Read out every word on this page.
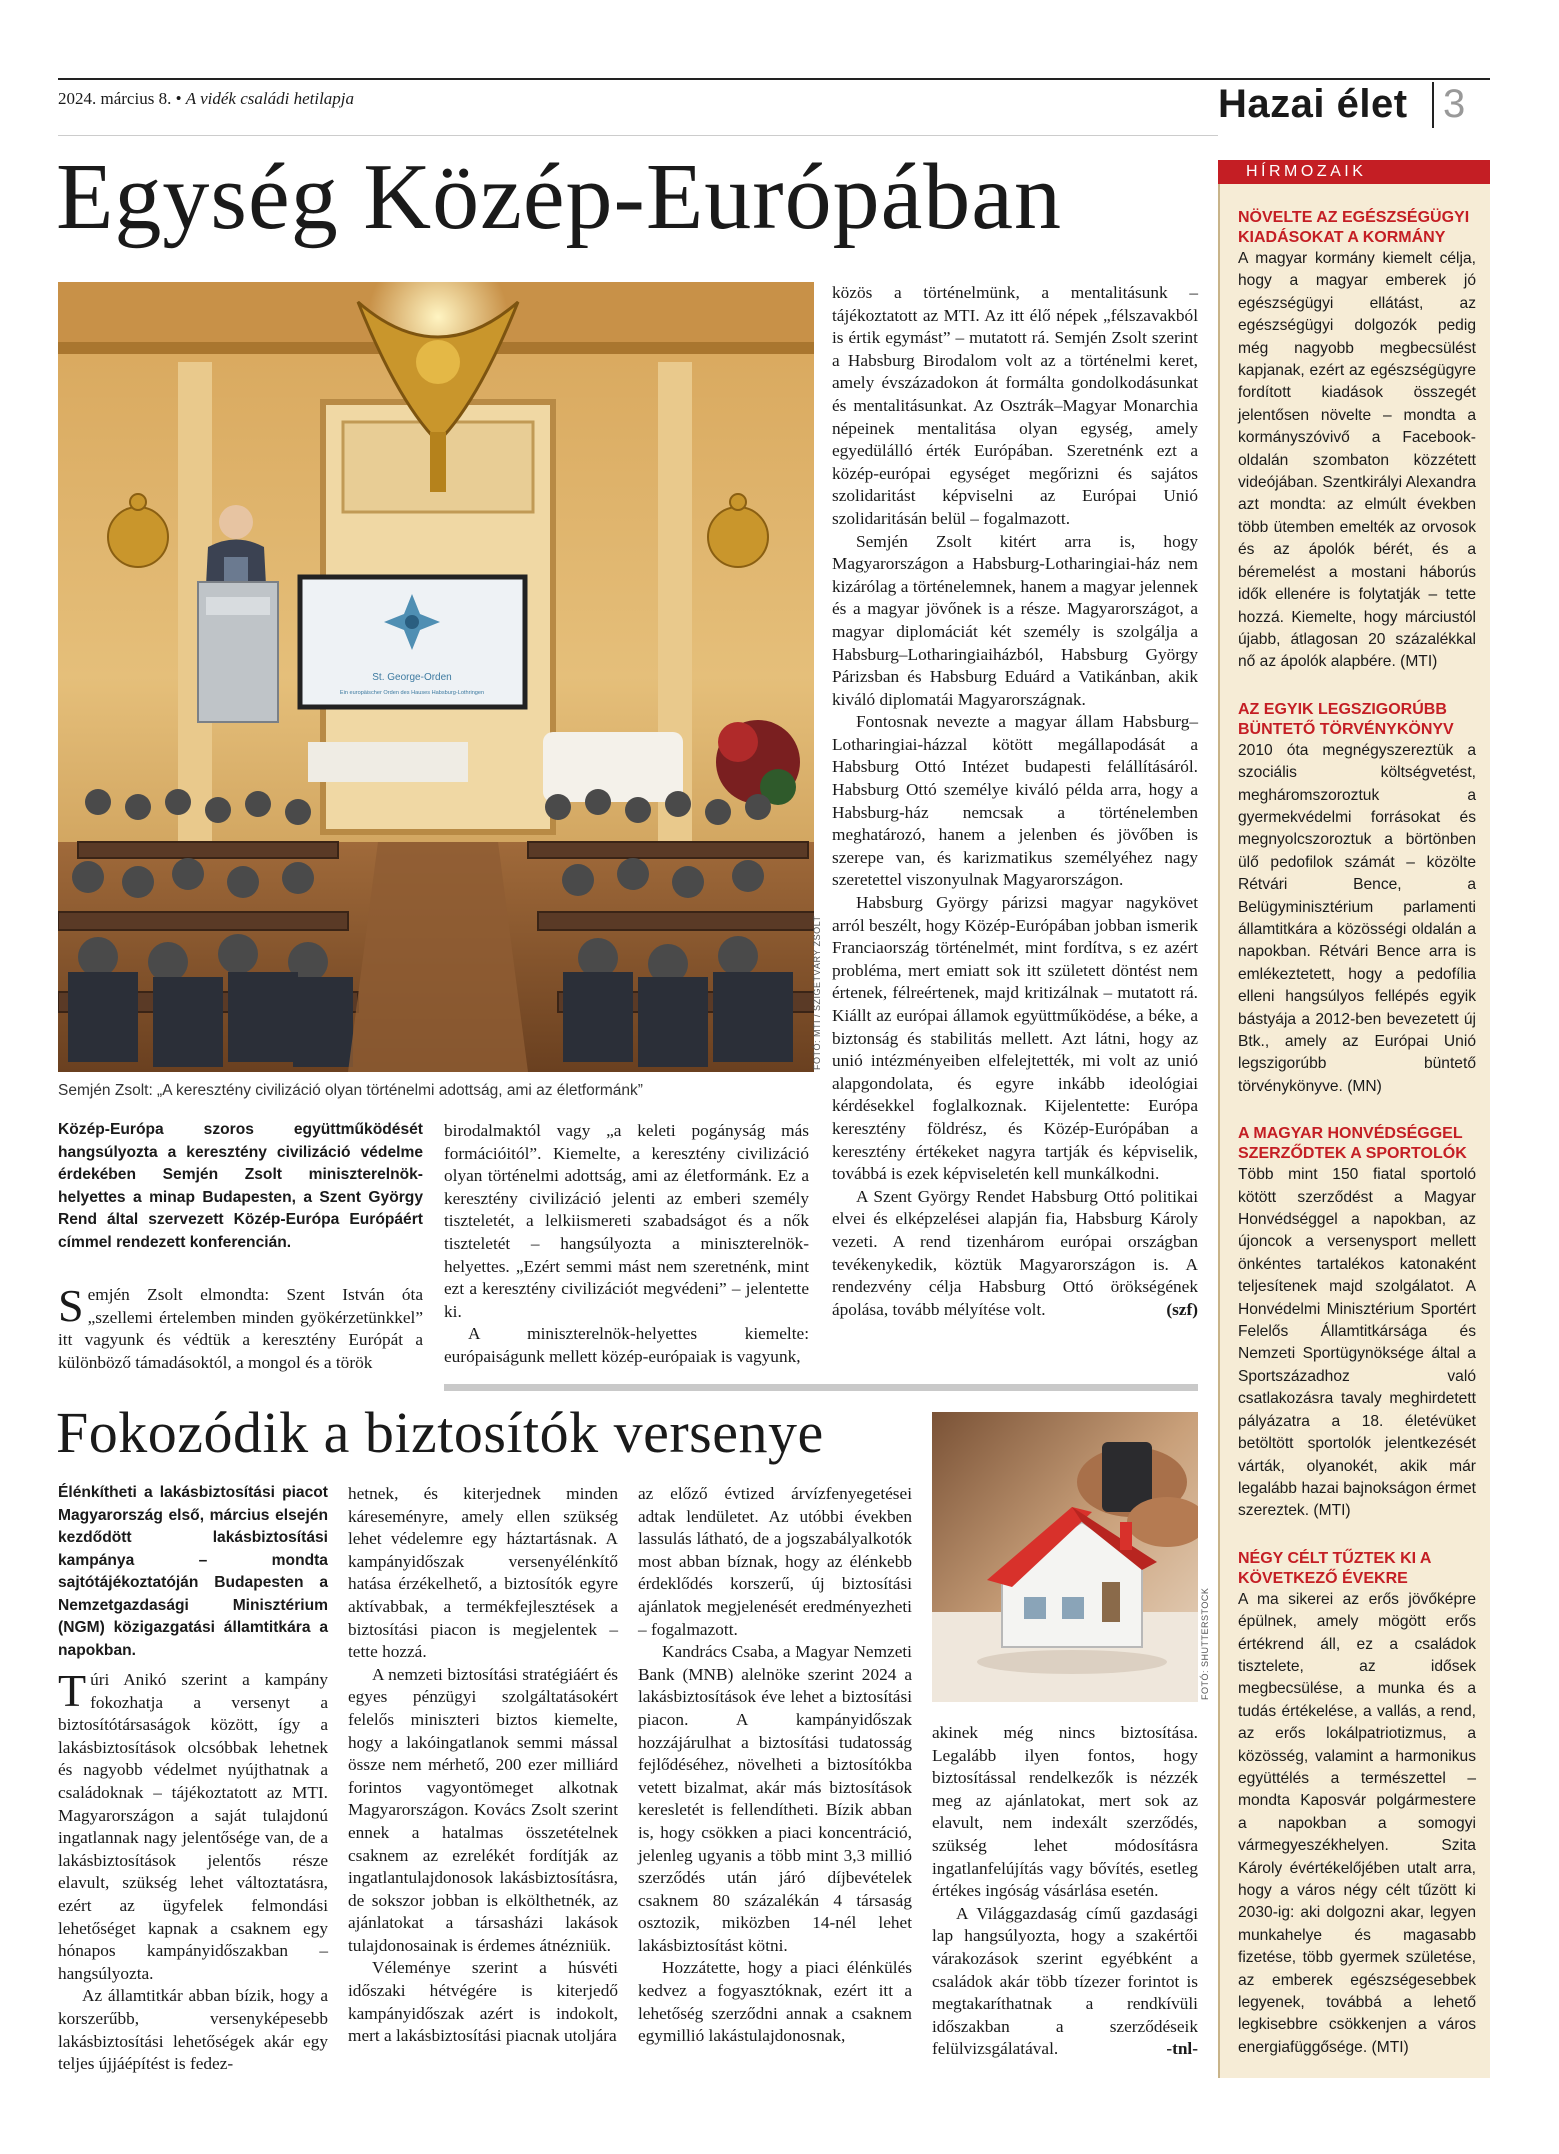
2024. március 8. • A vidék családi hetilapja	Hazai élet 3
Egység Közép-Európában
St. George-Orden
Ein europäischer Orden des Hauses Habsburg-Lothringen
FOTÓ: MTI / SZIGETVÁRY ZSOLT
Semjén Zsolt: „A keresztény civilizáció olyan történelmi adottság, ami az életformánk”
Közép-Európa szoros együttműködését hangsúlyozta a keresztény civilizáció védelme érdekében Semjén Zsolt miniszterelnök-helyettes a minap Budapesten, a Szent György Rend által szervezett Közép-Európa Európáért címmel rendezett konferencián.

Semjén Zsolt elmondta: Szent István óta „szellemi értelemben minden gyökérzetünkkel” itt vagyunk és védtük a keresztény Európát a különböző támadásoktól, a mongol és a török

birodalmaktól vagy „a keleti pogányság más formációitól”. Kiemelte, a keresztény civilizáció olyan történelmi adottság, ami az életformánk. Ez a keresztény civilizáció jelenti az emberi személy tiszteletét, a lelkiismereti szabadságot és a nők tiszteletét – hangsúlyozta a miniszterelnök-helyettes. „Ezért semmi mást nem szeretnénk, mint ezt a keresztény civilizációt megvédeni” – jelentette ki.

A miniszterelnök-helyettes kiemelte: európaiságunk mellett közép-európaiak is vagyunk,

közös a történelmünk, a mentalitásunk – tájékoztatott az MTI. Az itt élő népek „félszavakból is értik egymást” – mutatott rá. Semjén Zsolt szerint a Habsburg Birodalom volt az a történelmi keret, amely évszázadokon át formálta gondolkodásunkat és mentalitásunkat. Az Osztrák–Magyar Monarchia népeinek mentalitása olyan egység, amely egyedülálló érték Európában. Szeretnénk ezt a közép-európai egységet megőrizni és sajátos szolidaritást képviselni az Európai Unió szolidaritásán belül – fogalmazott.

Semjén Zsolt kitért arra is, hogy Magyarországon a Habsburg-Lotharingiai-ház nem kizárólag a történelemnek, hanem a magyar jelennek és a magyar jövőnek is a része. Magyarországot, a magyar diplomáciát két személy is szolgálja a Habsburg–Lotharingiaiházból, Habsburg György Párizsban és Habsburg Eduárd a Vatikánban, akik kiváló diplomatái Magyarországnak.

Fontosnak nevezte a magyar állam Habsburg–Lotharingiai-házzal kötött megállapodását a Habsburg Ottó Intézet budapesti felállításáról. Habsburg Ottó személye kiváló példa arra, hogy a Habsburg-ház nemcsak a történelemben meghatározó, hanem a jelenben és jövőben is szerepe van, és karizmatikus személyéhez nagy szeretettel viszonyulnak Magyarországon.

Habsburg György párizsi magyar nagykövet arról beszélt, hogy Közép-Európában jobban ismerik Franciaország történelmét, mint fordítva, s ez azért probléma, mert emiatt sok itt született döntést nem értenek, félreértenek, majd kritizálnak – mutatott rá. Kiállt az európai államok együttműködése, a béke, a biztonság és stabilitás mellett. Azt látni, hogy az unió intézményeiben elfelejtették, mi volt az unió alapgondolata, és egyre inkább ideológiai kérdésekkel foglalkoznak. Kijelentette: Európa keresztény földrész, és Közép-Európában a keresztény értékeket nagyra tartják és képviselik, továbbá is ezek képviseletén kell munkálkodni.

A Szent György Rendet Habsburg Ottó politikai elvei és elképzelései alapján fia, Habsburg Károly vezeti. A rend tizenhárom európai országban tevékenykedik, köztük Magyarországon is. A rendezvény célja Habsburg Ottó örökségének ápolása, tovább mélyítése volt.	(szf)

Fokozódik a biztosítók versenye
FOTÓ: SHUTTERSTOCK
Élénkítheti a lakásbiztosítási piacot Magyarország első, március elsején kezdődött lakásbiztosítási kampánya – mondta sajtótájékoztatóján Budapesten a Nemzetgazdasági Minisztérium (NGM) közigazgatási államtitkára a napokban.

Túri Anikó szerint a kampány fokozhatja a versenyt a biztosítótársaságok között, így a lakásbiztosítások olcsóbbak lehetnek és nagyobb védelmet nyújthatnak a családoknak – tájékoztatott az MTI. Magyarországon a saját tulajdonú ingatlannak nagy jelentősége van, de a lakásbiztosítások jelentős része elavult, szükség lehet változtatásra, ezért az ügyfelek felmondási lehetőséget kapnak a csaknem egy hónapos kampányidőszakban – hangsúlyozta.

Az államtitkár abban bízik, hogy a korszerűbb, versenyképesebb lakásbiztosítási lehetőségek akár egy teljes újjáépítést is fedez-

hetnek, és kiterjednek minden káreseményre, amely ellen szükség lehet védelemre egy háztartásnak. A kampányidőszak versenyélénkítő hatása érzékelhető, a biztosítók egyre aktívabbak, a termékfejlesztések a biztosítási piacon is megjelentek – tette hozzá.

A nemzeti biztosítási stratégiáért és egyes pénzügyi szolgáltatásokért felelős miniszteri biztos kiemelte, hogy a lakóingatlanok semmi mással össze nem mérhető, 200 ezer milliárd forintos vagyontömeget alkotnak Magyarországon. Kovács Zsolt szerint ennek a hatalmas összetételnek csaknem az ezrelékét fordítják az ingatlantulajdonosok lakásbiztosításra, de sokszor jobban is elkölthetnék, az ajánlatokat a társasházi lakások tulajdonosainak is érdemes átnézniük.

Véleménye szerint a húsvéti időszaki hétvégére is kiterjedő kampányidőszak azért is indokolt, mert a lakásbiztosítási piacnak utoljára

az előző évtized árvízfenyegetései adtak lendületet. Az utóbbi években lassulás látható, de a jogszabályalkotók most abban bíznak, hogy az élénkebb érdeklődés korszerű, új biztosítási ajánlatok megjelenését eredményezheti – fogalmazott.

Kandrács Csaba, a Magyar Nemzeti Bank (MNB) alelnöke szerint 2024 a lakásbiztosítások éve lehet a biztosítási piacon. A kampányidőszak hozzájárulhat a biztosítási tudatosság fejlődéséhez, növelheti a biztosítókba vetett bizalmat, akár más biztosítások keresletét is fellendítheti. Bízik abban is, hogy csökken a piaci koncentráció, jelenleg ugyanis a több mint 3,3 millió szerződés után járó díjbevételek csaknem 80 százalékán 4 társaság osztozik, miközben 14-nél lehet lakásbiztosítást kötni.

Hozzátette, hogy a piaci élénkülés kedvez a fogyasztóknak, ezért itt a lehetőség szerződni annak a csaknem egymillió lakástulajdonosnak,

akinek még nincs biztosítása. Legalább ilyen fontos, hogy biztosítással rendelkezők is nézzék meg az ajánlatokat, mert sok az elavult, nem indexált szerződés, szükség lehet módosításra ingatlanfelújítás vagy bővítés, esetleg értékes ingóság vásárlása esetén.

A Világgazdaság című gazdasági lap hangsúlyozta, hogy a szakértői várakozások szerint egyébként a családok akár több tízezer forintot is megtakaríthatnak a rendkívüli időszakban a szerződéseik felülvizsgálatával.	-tnl-

HÍRMOZAIK
NÖVELTE AZ EGÉSZSÉGÜGYI KIADÁSOKAT A KORMÁNY
A magyar kormány kiemelt célja, hogy a magyar emberek jó egészségügyi ellátást, az egészségügyi dolgozók pedig még nagyobb megbecsülést kapjanak, ezért az egészségügyre fordított kiadások összegét jelentősen növelte – mondta a kormányszóvivő a Facebook-oldalán szombaton közzétett videójában. Szentkirályi Alexandra azt mondta: az elmúlt években több ütemben emelték az orvosok és az ápolók bérét, és a béremelést a mostani háborús idők ellenére is folytatják – tette hozzá. Kiemelte, hogy márciustól újabb, átlagosan 20 százalékkal nő az ápolók alapbére. (MTI)
AZ EGYIK LEGSZIGORÚBB BÜNTETŐ TÖRVÉNYKÖNYV
2010 óta megnégyszereztük a szociális költségvetést, megháromszoroztuk a gyermekvédelmi forrásokat és megnyolcszoroztuk a börtönben ülő pedofilok számát – közölte Rétvári Bence, a Belügyminisztérium parlamenti államtitkára a közösségi oldalán a napokban. Rétvári Bence arra is emlékeztetett, hogy a pedofília elleni hangsúlyos fellépés egyik bástyája a 2012-ben bevezetett új Btk., amely az Európai Unió legszigorúbb büntető törvénykönyve. (MN)
A MAGYAR HONVÉDSÉGGEL SZERZŐDTEK A SPORTOLÓK
Több mint 150 fiatal sportoló kötött szerződést a Magyar Honvédséggel a napokban, az újoncok a versenysport mellett önkéntes tartalékos katonaként teljesítenek majd szolgálatot. A Honvédelmi Minisztérium Sportért Felelős Államtitkársága és Nemzeti Sportügynöksége által a Sportszázadhoz való csatlakozásra tavaly meghirdetett pályázatra a 18. életévüket betöltött sportolók jelentkezését várták, olyanokét, akik már legalább hazai bajnokságon érmet szereztek. (MTI)
NÉGY CÉLT TŰZTEK KI A KÖVETKEZŐ ÉVEKRE
A ma sikerei az erős jövőképre épülnek, amely mögött erős értékrend áll, ez a családok tisztelete, az idősek megbecsülése, a munka és a tudás értékelése, a vallás, a rend, az erős lokálpatriotizmus, a közösség, valamint a harmonikus együttélés a természettel – mondta Kaposvár polgármestere a napokban a somogyi vármegyeszékhelyen. Szita Károly évértékelőjében utalt arra, hogy a város négy célt tűzött ki 2030-ig: aki dolgozni akar, legyen munkahelye és magasabb fizetése, több gyermek születése, az emberek egészségesebbek legyenek, továbbá a lehető legkisebbre csökkenjen a város energiafüggősége. (MTI)
